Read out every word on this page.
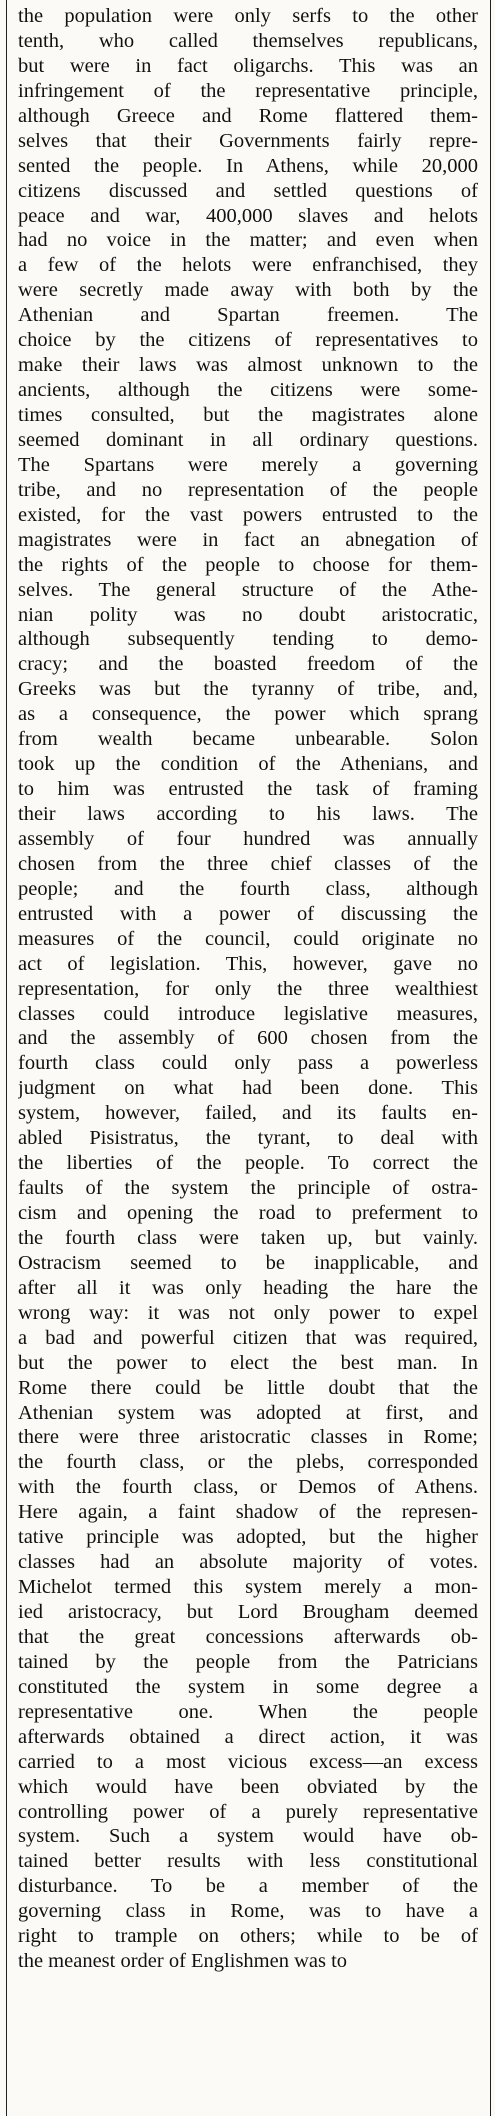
the population were only serfs to the other
tenth, who called themselves republicans,
but were in fact oligarchs. This was an
infringement of the representative principle,
although Greece and Rome flattered them-
selves that their Governments fairly repre-
sented the people. In Athens, while 20,000
citizens discussed and settled questions of
peace and war, 400,000 slaves and helots
had no voice in the matter; and even when
a few of the helots were enfranchised, they
were secretly made away with both by the
Athenian and Spartan freemen. The
choice by the citizens of representatives to
make their laws was almost unknown to the
ancients, although the citizens were some-
times consulted, but the magistrates alone
seemed dominant in all ordinary questions.
The Spartans were merely a governing
tribe, and no representation of the people
existed, for the vast powers entrusted to the
magistrates were in fact an abnegation of
the rights of the people to choose for them-
selves. The general structure of the Athe-
nian polity was no doubt aristocratic,
although subsequently tending to demo-
cracy; and the boasted freedom of the
Greeks was but the tyranny of tribe, and,
as a consequence, the power which sprang
from wealth became unbearable. Solon
took up the condition of the Athenians, and
to him was entrusted the task of framing
their laws according to his laws. The
assembly of four hundred was annually
chosen from the three chief classes of the
people; and the fourth class, although
entrusted with a power of discussing the
measures of the council, could originate no
act of legislation. This, however, gave no
representation, for only the three wealthiest
classes could introduce legislative measures,
and the assembly of 600 chosen from the
fourth class could only pass a powerless
judgment on what had been done. This
system, however, failed, and its faults en-
abled Pisistratus, the tyrant, to deal with
the liberties of the people. To correct the
faults of the system the principle of ostra-
cism and opening the road to preferment to
the fourth class were taken up, but vainly.
Ostracism seemed to be inapplicable, and
after all it was only heading the hare the
wrong way: it was not only power to expel
a bad and powerful citizen that was required,
but the power to elect the best man. In
Rome there could be little doubt that the
Athenian system was adopted at first, and
there were three aristocratic classes in Rome;
the fourth class, or the plebs, corresponded
with the fourth class, or Demos of Athens.
Here again, a faint shadow of the represen-
tative principle was adopted, but the higher
classes had an absolute majority of votes.
Michelot termed this system merely a mon-
ied aristocracy, but Lord Brougham deemed
that the great concessions afterwards ob-
tained by the people from the Patricians
constituted the system in some degree a
representative one. When the people
afterwards obtained a direct action, it was
carried to a most vicious excess—an excess
which would have been obviated by the
controlling power of a purely representative
system. Such a system would have ob-
tained better results with less constitutional
disturbance. To be a member of the
governing class in Rome, was to have a
right to trample on others; while to be of
the meanest order of Englishmen was to
